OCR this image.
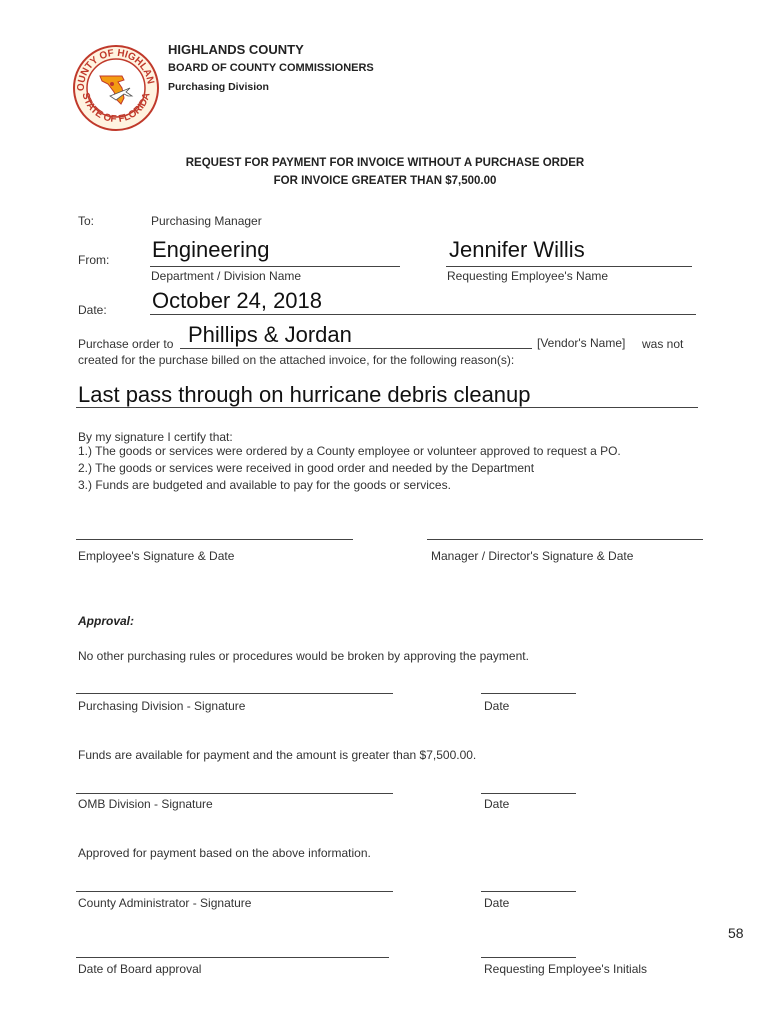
OUNTY OF HIGHLAN
STATE OF FLORIDA
HIGHLANDS COUNTY
BOARD OF COUNTY COMMISSIONERS
Purchasing Division
REQUEST FOR PAYMENT FOR INVOICE WITHOUT A PURCHASE ORDER
FOR INVOICE GREATER THAN $7,500.00
To:	Purchasing Manager
From: Engineering
Department / Division Name
Jennifer Willis
Requesting Employee's Name
Date: October 24, 2018
Purchase order to Phillips & Jordan	[Vendor's Name] was not
created for the purchase billed on the attached invoice, for the following reason(s):
Last pass through on hurricane debris cleanup
By my signature I certify that:
1.) The goods or services were ordered by a County employee or volunteer approved to request a PO.
2.) The goods or services were received in good order and needed by the Department
3.) Funds are budgeted and available to pay for the goods or services.
Employee's Signature & Date	Manager / Director's Signature & Date
Approval:
No other purchasing rules or procedures would be broken by approving the payment.
Purchasing Division - Signature	Date
Funds are available for payment and the amount is greater than $7,500.00.
OMB Division - Signature	Date
Approved for payment based on the above information.
County Administrator - Signature	Date
58
Date of Board approval	Requesting Employee's Initials
